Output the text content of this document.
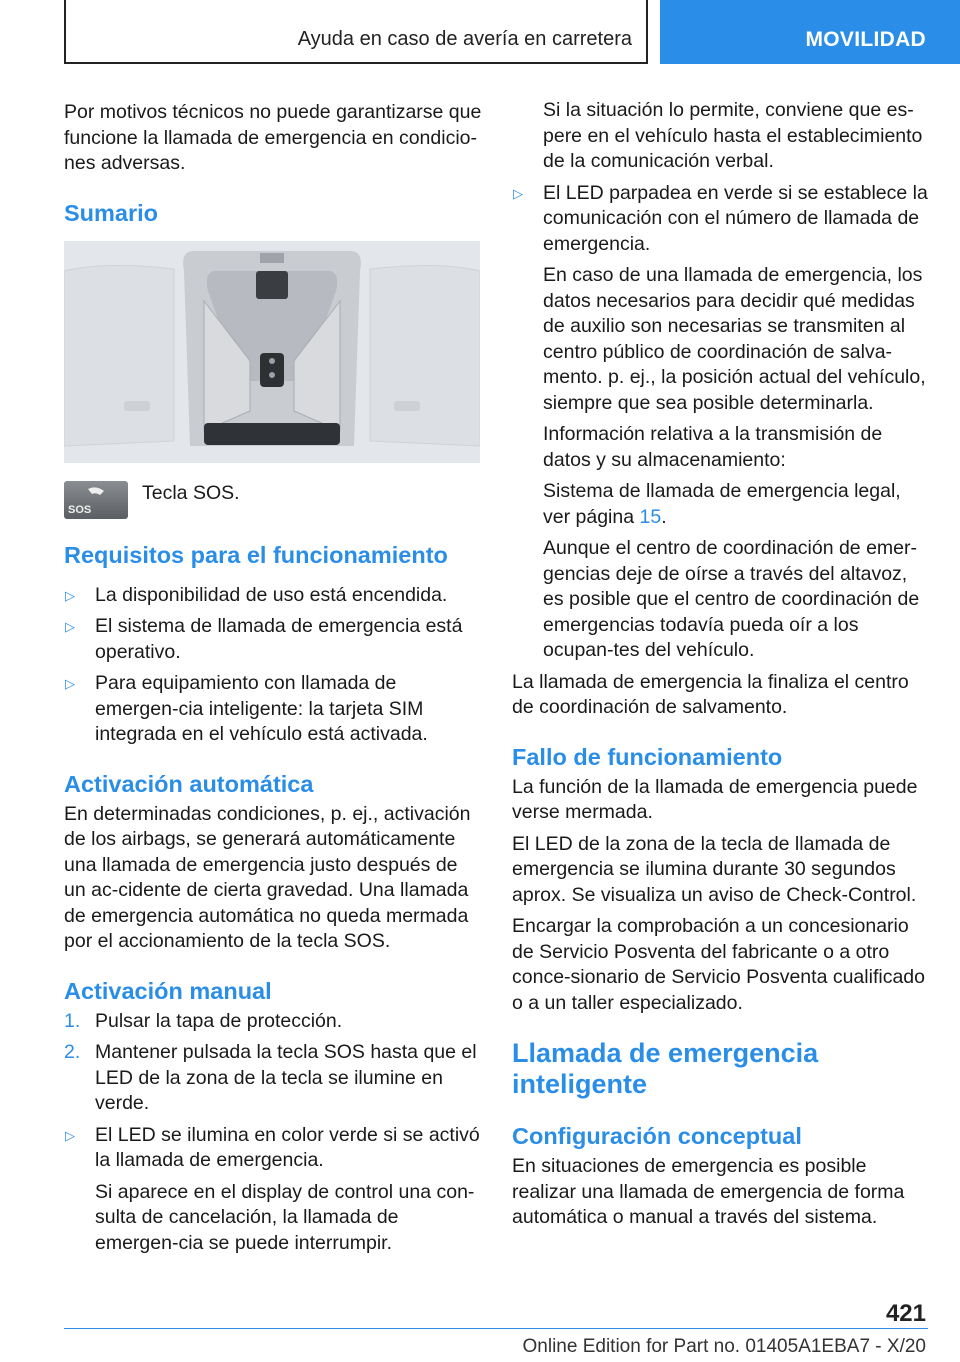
Ayuda en caso de avería en carretera	MOVILIDAD

Por motivos técnicos no puede garantizarse que funcione la llamada de emergencia en condicio-nes adversas.

Sumario
SOS

Tecla SOS.

Requisitos para el funcionamiento
▷ La disponibilidad de uso está encendida.
▷ El sistema de llamada de emergencia está operativo.
▷ Para equipamiento con llamada de emergen-cia inteligente: la tarjeta SIM integrada en el vehículo está activada.
Activación automática

En determinadas condiciones, p. ej., activación de los airbags, se generará automáticamente una llamada de emergencia justo después de un ac-cidente de cierta gravedad. Una llamada de emergencia automática no queda mermada por el accionamiento de la tecla SOS.

Activación manual
1. Pulsar la tapa de protección.
2. Mantener pulsada la tecla SOS hasta que el LED de la zona de la tecla se ilumine en verde.
▷ El LED se ilumina en color verde si se activó la llamada de emergencia.

Si aparece en el display de control una con-sulta de cancelación, la llamada de emergen-cia se puede interrumpir.

Si la situación lo permite, conviene que es-pere en el vehículo hasta el establecimiento de la comunicación verbal.

▷ El LED parpadea en verde si se establece la comunicación con el número de llamada de emergencia.

En caso de una llamada de emergencia, los datos necesarios para decidir qué medidas de auxilio son necesarias se transmiten al centro público de coordinación de salva-mento. p. ej., la posición actual del vehículo, siempre que sea posible determinarla.

Información relativa a la transmisión de datos y su almacenamiento:

Sistema de llamada de emergencia legal, ver página 15.

Aunque el centro de coordinación de emer-gencias deje de oírse a través del altavoz, es posible que el centro de coordinación de emergencias todavía pueda oír a los ocupan-tes del vehículo.

La llamada de emergencia la finaliza el centro de coordinación de salvamento.

Fallo de funcionamiento

La función de la llamada de emergencia puede verse mermada.

El LED de la zona de la tecla de llamada de emergencia se ilumina durante 30 segundos aprox. Se visualiza un aviso de Check-Control.

Encargar la comprobación a un concesionario de Servicio Posventa del fabricante o a otro conce-sionario de Servicio Posventa cualificado o a un taller especializado.

Llamada de emergencia inteligente
Configuración conceptual

En situaciones de emergencia es posible realizar una llamada de emergencia de forma automática o manual a través del sistema.

421
Online Edition for Part no. 01405A1EBA7 - X/20
